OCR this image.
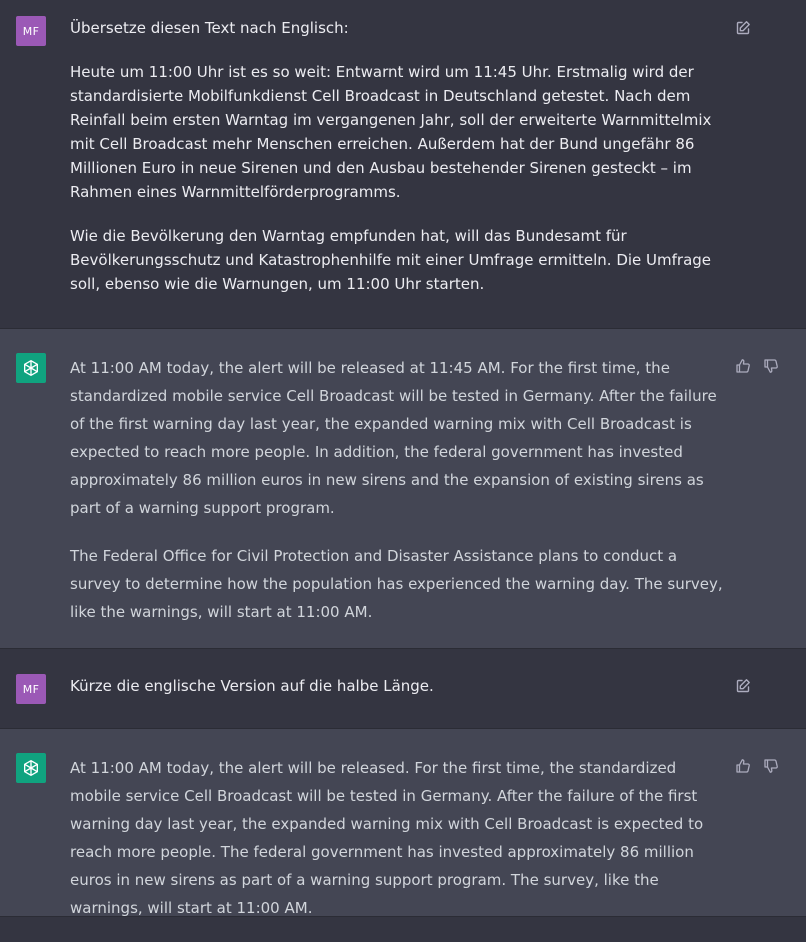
MF Übersetze diesen Text nach Englisch:

Heute um 11:00 Uhr ist es so weit: Entwarnt wird um 11:45 Uhr. Erstmalig wird der standardisierte Mobilfunkdienst Cell Broadcast in Deutschland getestet. Nach dem Reinfall beim ersten Warntag im vergangenen Jahr, soll der erweiterte Warnmittelmix mit Cell Broadcast mehr Menschen erreichen. Außerdem hat der Bund ungefähr 86 Millionen Euro in neue Sirenen und den Ausbau bestehender Sirenen gesteckt – im Rahmen eines Warnmittelförderprogramms.

Wie die Bevölkerung den Warntag empfunden hat, will das Bundesamt für Bevölkerungsschutz und Katastrophenhilfe mit einer Umfrage ermitteln. Die Umfrage soll, ebenso wie die Warnungen, um 11:00 Uhr starten.

At 11:00 AM today, the alert will be released at 11:45 AM. For the first time, the standardized mobile service Cell Broadcast will be tested in Germany. After the failure of the first warning day last year, the expanded warning mix with Cell Broadcast is expected to reach more people. In addition, the federal government has invested approximately 86 million euros in new sirens and the expansion of existing sirens as part of a warning support program.

The Federal Office for Civil Protection and Disaster Assistance plans to conduct a survey to determine how the population has experienced the warning day. The survey, like the warnings, will start at 11:00 AM.

MF Kürze die englische Version auf die halbe Länge.

At 11:00 AM today, the alert will be released. For the first time, the standardized mobile service Cell Broadcast will be tested in Germany. After the failure of the first warning day last year, the expanded warning mix with Cell Broadcast is expected to reach more people. The federal government has invested approximately 86 million euros in new sirens as part of a warning support program. The survey, like the warnings, will start at 11:00 AM.
